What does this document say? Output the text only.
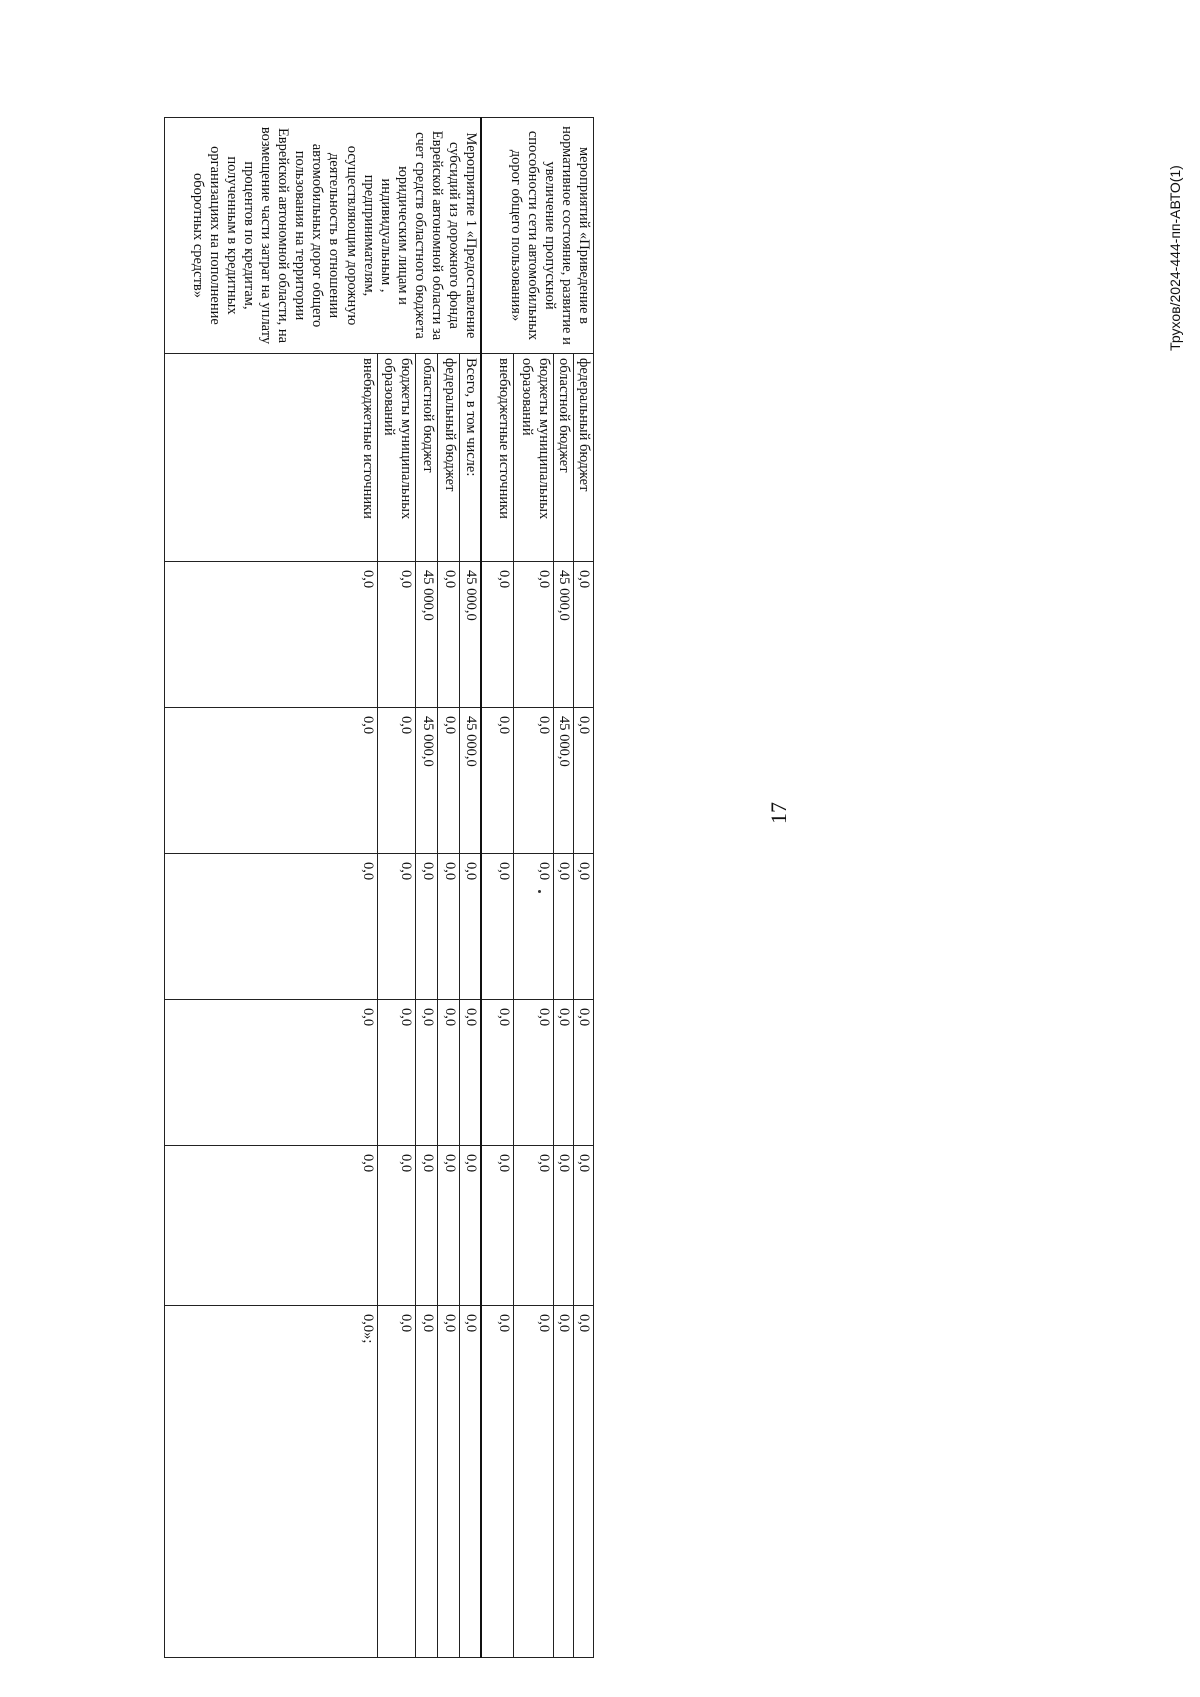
17
Трухов/2024-444-пп-АВТО(1)
мероприятий «Приведение в нормативное состояние, развитие и увеличение пропускной способности сети автомобильных дорог общего пользования»	федеральный бюджет	0,0	0,0	0,0	0,0	0,0	0,0	
	областной бюджет	45 000,0	45 000,0	0,0	0,0	0,0	0,0	
	бюджеты муниципальных образований	0,0	0,0	0,0	0,0	0,0	0,0	
	внебюджетные источники	0,0	0,0	0,0	0,0	0,0	0,0	
Мероприятие 1 «Предоставление субсидий из дорожного фонда Еврейской автономной области за счет средств областного бюджета юридическим лицам и индивидуальным , предпринимателям, осуществляющим дорожную деятельность в отношении автомобильных дорог общего пользования на территории Еврейской автономной области, на возмещение части затрат на уплату процентов по кредитам, полученным в кредитных организациях на пополнение оборотных средств»	Всего, в том числе:	45 000,0	45 000,0	0,0	0,0	0,0	0,0	
	федеральный бюджет	0,0	0,0	0,0	0,0	0,0	0,0	
	областной бюджет	45 000,0	45 000,0	0,0	0,0	0,0	0,0	
	бюджеты муниципальных образований	0,0	0,0	0,0	0,0	0,0	0,0	
	внебюджетные источники	0,0	0,0	0,0	0,0	0,0	0,0»;	
